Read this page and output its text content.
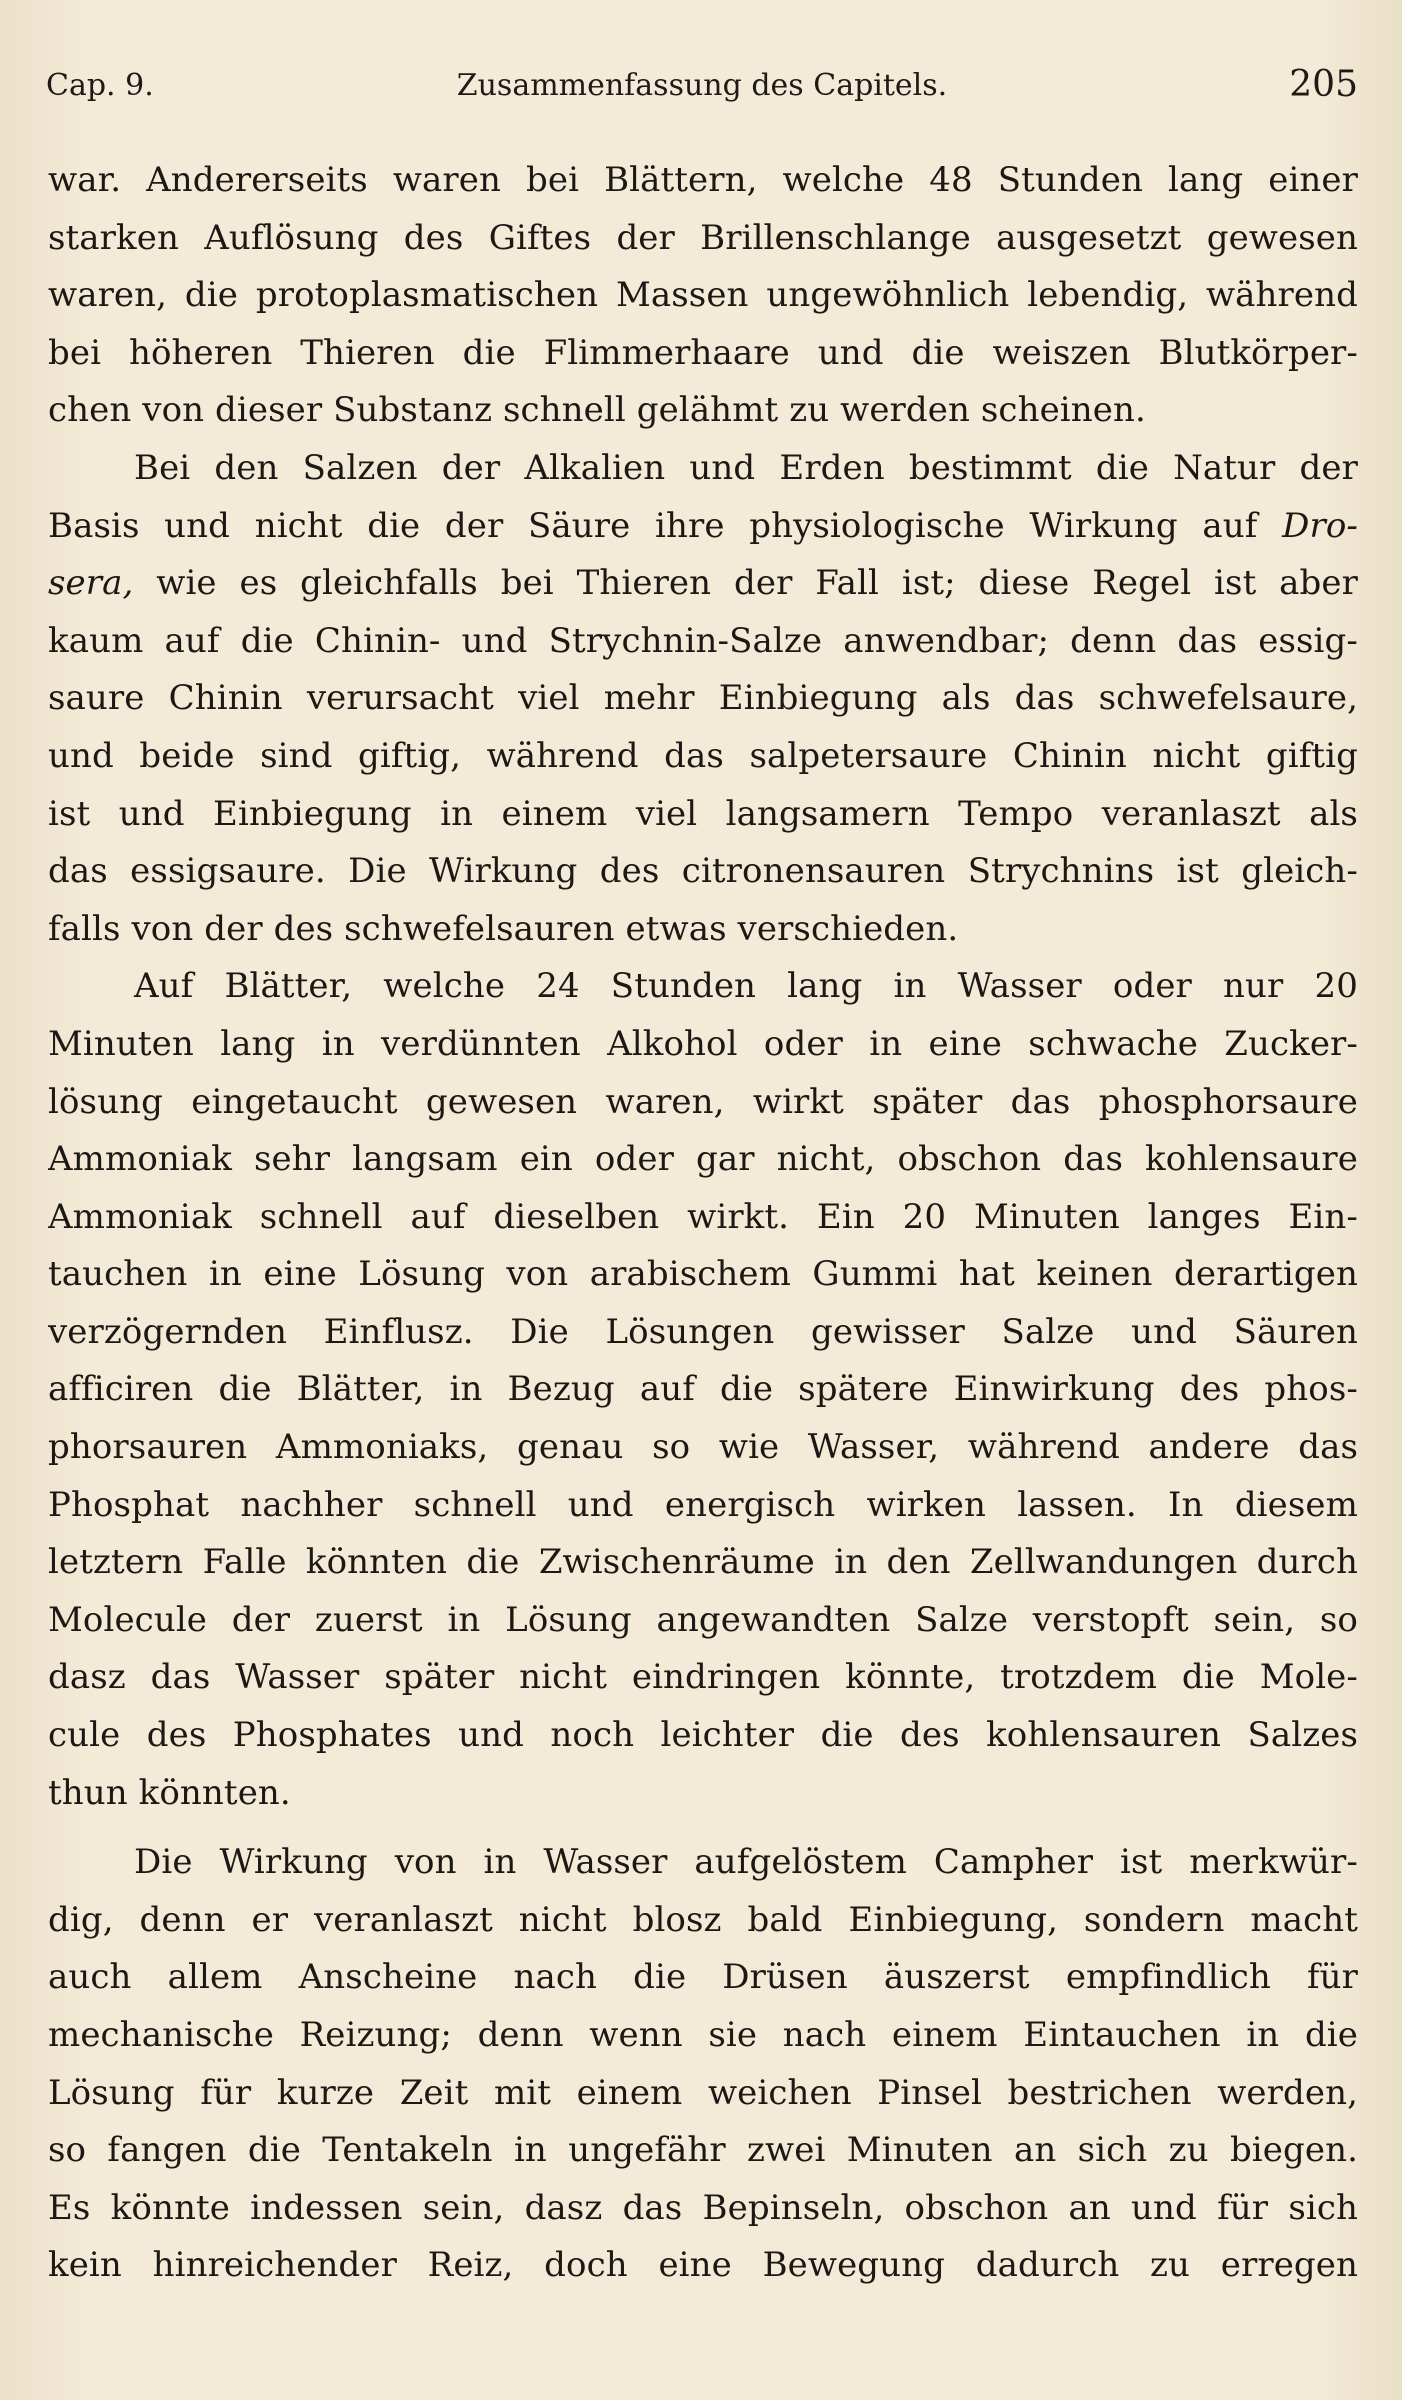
Cap. 9.	Zusammenfassung des Capitels.	205
war. Andererseits waren bei Blättern, welche 48 Stunden lang einer
starken Auflösung des Giftes der Brillenschlange ausgesetzt gewesen
waren, die protoplasmatischen Massen ungewöhnlich lebendig, während
bei höheren Thieren die Flimmerhaare und die weiszen Blutkörper-
chen von dieser Substanz schnell gelähmt zu werden scheinen.
Bei den Salzen der Alkalien und Erden bestimmt die Natur der
Basis und nicht die der Säure ihre physiologische Wirkung auf Dro-
sera, wie es gleichfalls bei Thieren der Fall ist; diese Regel ist aber
kaum auf die Chinin- und Strychnin-Salze anwendbar; denn das essig-
saure Chinin verursacht viel mehr Einbiegung als das schwefelsaure,
und beide sind giftig, während das salpetersaure Chinin nicht giftig
ist und Einbiegung in einem viel langsamern Tempo veranlaszt als
das essigsaure. Die Wirkung des citronensauren Strychnins ist gleich-
falls von der des schwefelsauren etwas verschieden.
Auf Blätter, welche 24 Stunden lang in Wasser oder nur 20
Minuten lang in verdünnten Alkohol oder in eine schwache Zucker-
lösung eingetaucht gewesen waren, wirkt später das phosphorsaure
Ammoniak sehr langsam ein oder gar nicht, obschon das kohlensaure
Ammoniak schnell auf dieselben wirkt. Ein 20 Minuten langes Ein-
tauchen in eine Lösung von arabischem Gummi hat keinen derartigen
verzögernden Einflusz. Die Lösungen gewisser Salze und Säuren
afficiren die Blätter, in Bezug auf die spätere Einwirkung des phos-
phorsauren Ammoniaks, genau so wie Wasser, während andere das
Phosphat nachher schnell und energisch wirken lassen. In diesem
letztern Falle könnten die Zwischenräume in den Zellwandungen durch
Molecule der zuerst in Lösung angewandten Salze verstopft sein, so
dasz das Wasser später nicht eindringen könnte, trotzdem die Mole-
cule des Phosphates und noch leichter die des kohlensauren Salzes
thun könnten.
Die Wirkung von in Wasser aufgelöstem Campher ist merkwür-
dig, denn er veranlaszt nicht blosz bald Einbiegung, sondern macht
auch allem Anscheine nach die Drüsen äuszerst empfindlich für
mechanische Reizung; denn wenn sie nach einem Eintauchen in die
Lösung für kurze Zeit mit einem weichen Pinsel bestrichen werden,
so fangen die Tentakeln in ungefähr zwei Minuten an sich zu biegen.
Es könnte indessen sein, dasz das Bepinseln, obschon an und für sich
kein hinreichender Reiz, doch eine Bewegung dadurch zu erregen
